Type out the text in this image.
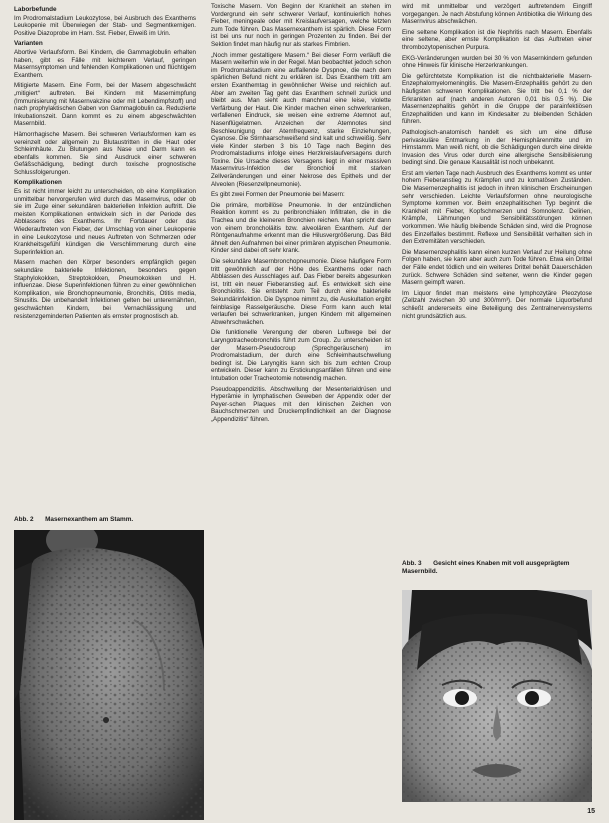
Laborbefunde

Im Prodromalstadium Leukozytose, bei Ausbruch des Exanthems Leukopenie mit Überwiegen der Stab- und Segmentkernigen. Positive Diazoprobe im Harn. Sst. Fieber, Eiweiß im Urin.

Varianten

Abortive Verlaufsform. Bei Kindern, die Gammaglobulin erhalten haben, gibt es Fälle mit leichterem Verlauf, geringen Masernsymptomen und fehlenden Komplikationen und flüchtigem Exanthem.

Mitigierte Masern. Eine Form, bei der Masern abgeschwächt „mitigiert“ auftreten. Bei Kindern mit Masernimpfung (Immunisierung mit Masernvakzine oder mit Lebendimpfstoff) und nach prophylaktischen Gaben von Gammaglobulin ca. Reduzierte Inkubationszeit. Dann kommt es zu einem abgeschwächten Masernbild.

Hämorrhagische Masern. Bei schweren Verlaufsformen kam es vereinzelt oder allgemein zu Blutaustritten in die Haut oder Schleimhäute. Zu Blutungen aus Nase und Darm kann es ebenfalls kommen. Sie sind Ausdruck einer schweren Gefäßschädigung, bedingt durch toxische prognostische Schlussfolgerungen.

Komplikationen

Es ist nicht immer leicht zu unterscheiden, ob eine Komplikation unmittelbar hervorgerufen wird durch das Masernvirus, oder ob sie im Zuge einer sekundären bakteriellen Infektion auftritt. Die meisten Komplikationen entwickeln sich in der Periode des Abblassens des Exanthems. Ihr Fortdauer oder das Wiederauftreten von Fieber, der Umschlag von einer Leukopenie in eine Leukozytose und neues Auftreten von Schmerzen oder Krankheitsgefühl kündigen die Verschlimmerung durch eine Superinfektion an.

Masern machen den Körper besonders empfänglich gegen sekundäre bakterielle Infektionen, besonders gegen Staphylokokken, Streptokokken, Pneumokokken und H. influenzae. Diese Superinfektionen führen zu einer gewöhnlichen Komplikation, wie Bronchopneumonie, Bronchitis, Otitis media, Sinusitis. Die unbehandelt Infektionen gelten bei unterernährten, geschwächten Kindern, bei Vernachlässigung und resistenzgeminderten Patienten als ernster prognostisch ab.

Abb. 2 Masernexanthem am Stamm.

Toxische Masern. Von Beginn der Krankheit an stehen im Vordergrund ein sehr schwerer Verlauf, kontinuierlich hohes Fieber, meningeale oder mit Kreislaufversagen, welche letzten zum Tode führen. Das Masernexanthem ist spärlich. Diese Form ist bei uns nur noch in geringen Prozenten zu finden. Bei der Sektion findet man häufig nur als starkes Fimbrien.

„Noch immer gestaltigere Masern.“ Bei dieser Form verläuft die Masern weiterhin wie in der Regel. Man beobachtet jedoch schon im Prodromalstadium eine auffallende Dyspnoe, die nach dem spärlichen Befund nicht zu erklären ist. Das Exanthem tritt am ersten Exanthemtag in gewöhnlicher Weise und reichlich auf. Aber am zweiten Tag geht das Exanthem schnell zurück und bleibt aus. Man sieht auch manchmal eine leise, violette Verfärbung der Haut. Die Kinder machen einen schwerkranken, verfallenen Eindruck, sie weisen eine extreme Atemnot auf, Nasenflügelatmen. Anzeichen der Atemnotes sind Beschleunigung der Atemfrequenz, starke Einziehungen, Cyanose. Die Stirnhaarschweißend sind kalt und schweißig. Sehr viele Kinder sterben 3 bis 10 Tage nach Beginn des Prodromalstadiums infolge eines Herzkreislaufversagens durch Toxine. Die Ursache dieses Versagens liegt in einer massiven Masernvirus-Infektion der Bronchioli mit starken Zellveränderungen und einer Nekrose des Epithels und der Alveolen (Riesenzellpneumonie).

Es gibt zwei Formen der Pneumonie bei Masern:

Die primäre, morbillöse Pneumonie. In der entzündlichen Reaktion kommt es zu peribronchialen Infiltraten, die in die Trachea und die kleineren Bronchien reichen. Man spricht dann von einem broncholäitis bzw. alveolären Exanthem. Auf der Röntgenaufnahme erkennt man die Hilusvergrößerung. Das Bild ähnelt den Aufnahmen bei einer primären atypischen Pneumonie. Kinder sind dabei oft sehr krank.

Die sekundäre Masernbronchopneumonie. Diese häufigere Form tritt gewöhnlich auf der Höhe des Exanthems oder nach Abblassen des Ausschlages auf. Das Fieber bereits abgesunken ist, tritt ein neuer Fieberanstieg auf. Es entwickelt sich eine Bronchiolitis. Sie entsteht zum Teil durch eine bakterielle Sekundärinfektion. Die Dyspnoe nimmt zu, die Auskultation ergibt feinblasige Rasselgeräusche. Diese Form kann auch letal verlaufen bei schwerkranken, jungen Kindern mit allgemeinen Abwehrschwächen.

Die funktionelle Verengung der oberen Luftwege bei der Laryngotracheobronchitis führt zum Croup. Zu unterscheiden ist der Masern-Pseudocroup (Sprechgeräuschen) im Prodromalstadium, der durch eine Schleimhautschwellung bedingt ist. Die Laryngitis kann sich bis zum echten Croup entwickeln. Dieser kann zu Erstickungsanfällen führen und eine Intubation oder Tracheotomie notwendig machen.

Pseudoappendizitis. Abschwellung der Mesenterialdrüsen und Hyperämie in lymphatischen Geweben der Appendix oder der Peyer-schen Plaques mit den klinischen Zeichen von Bauchschmerzen und Druckempfindlichkeit an der Diagnose „Appendizitis“ führen.

wird mit unmittelbar und verzögert auftretendem Eingriff vorgegangen. Je nach Abstufung können Antibiotika die Wirkung des Masernvirus abschwächen.

Eine seltene Komplikation ist die Nephritis nach Masern. Ebenfalls eine seltene, aber ernste Komplikation ist das Auftreten einer thrombozytopenischen Purpura.

EKG-Veränderungen wurden bei 30 % von Masernkindern gefunden ohne Hinweis für klinische Herzerkrankungen.

Die gefürchtetste Komplikation ist die nichtbakterielle Masern-Enzephalomyelomeningitis. Die Masern-Enzephalitis gehört zu den häufigsten schweren Komplikationen. Sie tritt bei 0,1 % der Erkrankten auf (nach anderen Autoren 0,01 bis 0,5 %). Die Masernenzephalitis gehört in die Gruppe der parainfektiösen Enzephalitiden und kann im Kindesalter zu bleibenden Schäden führen.

Pathologisch-anatomisch handelt es sich um eine diffuse perivaskuläre Entmarkung in der Hemisphärenmitte und im Hirnstamm. Man weiß nicht, ob die Schädigungen durch eine direkte Invasion des Virus oder durch eine allergische Sensibilisierung bedingt sind. Die genaue Kausalität ist noch unbekannt.

Erst am vierten Tage nach Ausbruch des Exanthems kommt es unter hohem Fieberanstieg zu Krämpfen und zu komatösen Zuständen. Die Masernenzephalitis ist jedoch in ihren klinischen Erscheinungen sehr verschieden. Leichte Verlaufsformen ohne neurologische Symptome kommen vor. Beim enzephalitischen Typ beginnt die Krankheit mit Fieber, Kopfschmerzen und Somnolenz. Delirien, Krämpfe, Lähmungen und Sensibilitätsstörungen können vorkommen. Wie häufig bleibende Schäden sind, wird die Prognose des Einzelfalles bestimmt. Reflexe und Sensibilität verhalten sich in den Extremitäten verschieden.

Die Masernenzephalitis kann einen kurzen Verlauf zur Heilung ohne Folgen haben, sie kann aber auch zum Tode führen. Etwa ein Drittel der Fälle endet tödlich und ein weiteres Drittel behält Dauerschäden zurück. Schwere Schäden sind seltener, wenn die Kinder gegen Masern geimpft waren.

Im Liquor findet man meistens eine lymphozytäre Pleozytose (Zellzahl zwischen 30 und 300/mm³). Der normale Liquorbefund schließt andererseits eine Beteiligung des Zentralnervensystems nicht grundsätzlich aus.

Abb. 3 Gesicht eines Knaben mit voll ausgeprägtem Masernbild.
15
